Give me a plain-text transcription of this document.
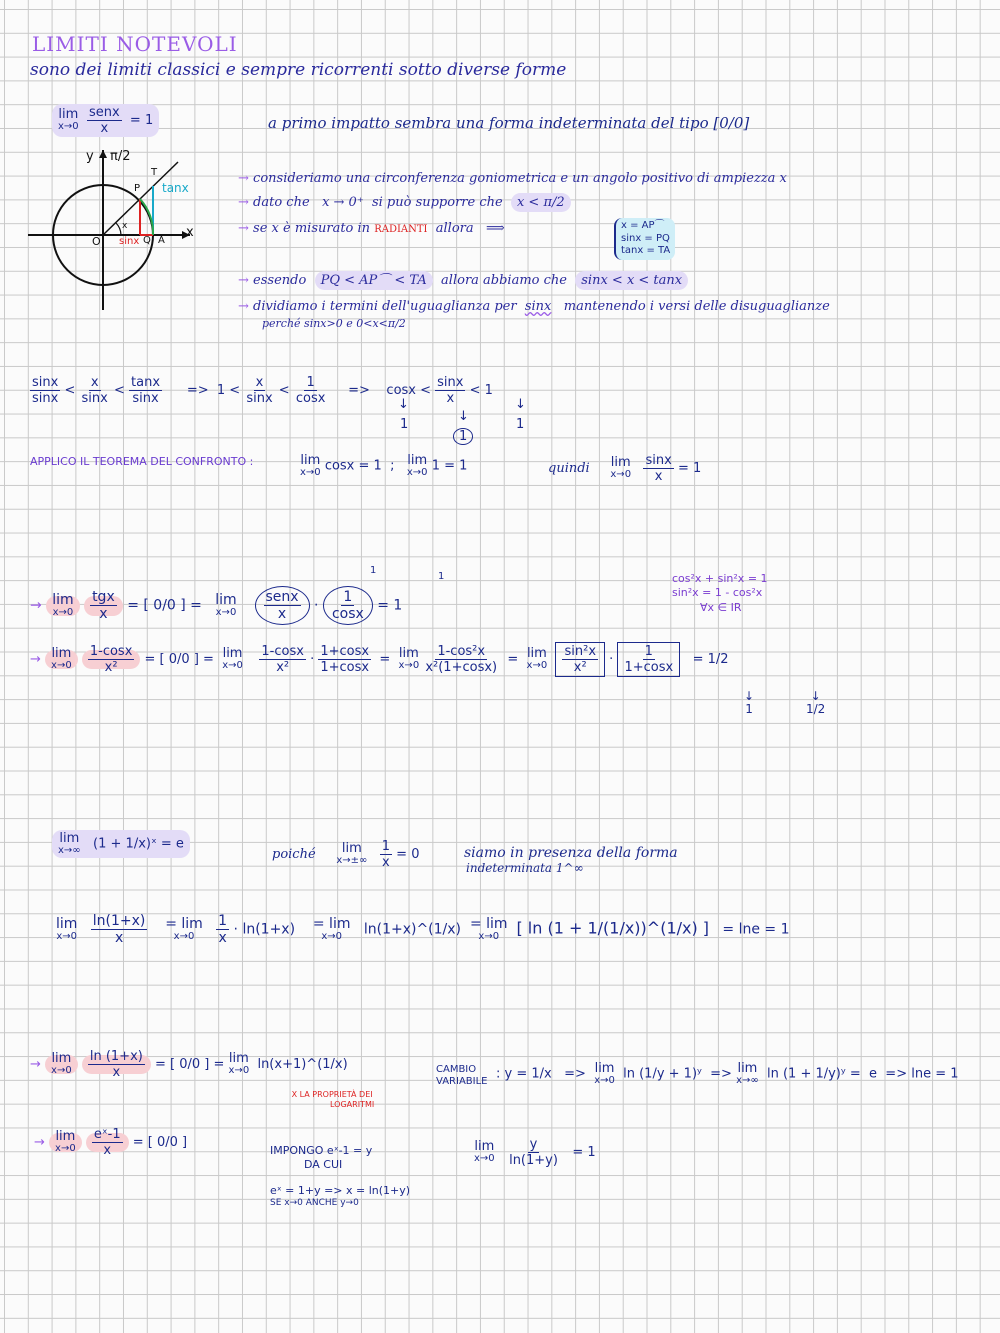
LIMITI NOTEVOLI
sono dei limiti classici e sempre ricorrenti sotto diverse forme
lim
x→0
$\frac{\text{senx}}{x} = 1$	a primo impatto sembra una forma indeterminata del tipo [0/0]
y π/2
x
O	A
Q
P
T
x
tanx
sinx
→ consideriamo una circonferenza goniometrica e un angolo positivo di ampiezza x
→ dato che x → 0⁺ si può supporre che x < π/2
→ se x è misurato in RADIANTI allora   ⟹	x = AP⌒
sinx = PQ
tanx = TA
→ essendo PQ < AP⌒ < TA allora abbiamo che sinx < x < tanx
→ dividiamo i termini dell'uguaglianza per sinx mantenendo i versi delle disuguaglianze
perché sinx>0 e 0<x<π/2
$\frac{\sin x}{\sin x} < \frac{x}{\sin x} < \frac{\tan x}{\sin x} => 1 < \frac{x}{\sin x} < \frac{1}{\cos x} => \cos x < \frac{\sin x}{x} < 1$
↓
↓
↓
1
1
1
APPLICO IL TEOREMA DEL CONFRONTO :	lim
x→0 cosx = 1 ; lim
x→0 1 = 1	quindi lim
x→0
$\frac{\sin x}{x} = 1$
→ lim
x→0
$\frac{\text{tgx}}{x}$ = [ 0/0 ] = lim
x→0
$\frac{\text{senx}}{x} \cdot \frac{1}{\cos x} = 1$
1
1	cos²x + sin²x = 1
sin²x = 1 - cos²x
∀x ∈ IR
→ lim
x→0
$\frac{1-\cos x}{\text{x²}}$ = [ 0/0 ] = lim
x→0
$\frac{1-\cos x}{\text{x²}} \cdot \frac{1+\cos x}{1+\cos x} = \lim$
x→0
$\frac{\text{1-cos²x}}{\text{x²(1+cosx)}} = \lim$
x→0
$\frac{\text{sin²x}}{\text{x²}} \cdot \frac{1}{1+\cos x} = 1/2$
↓
1
↓
1/2
lim
x→∞ (1 + 1/x)ˣ = e
poiché lim
x→±∞
$\frac{1}{x} = 0$	siamo in presenza della forma
indeterminata 1^∞
lim
x→0
$\frac{\ln(1+x)}{x}$
= lim
x→0
$\frac{1}{x} \cdot \ln(1+x) = \lim$
x→0 ln(1+x)^(1/x) = lim
x→0 [ ln (1 + 1/(1/x))^(1/x) ] = lne = 1
→ lim
x→0
$\frac{\ln (1+x)}{x}$ = [ 0/0 ] = lim
x→0 ln(x+1)^(1/x)
X LA PROPRIETÀ DEI
LOGARITMI
CAMBIO
VARIABILE : y = 1/x => lim
x→0 ln (1/y + 1)ʸ => lim
x→∞ ln (1 + 1/y)ʸ = e => lne = 1
→ lim
x→0
$\frac{\text{eˣ-1}}{x}$ = [ 0/0 ]
IMPONGO eˣ-1 = y
DA CUI
eˣ = 1+y => x = ln(1+y)
SE x→0 ANCHE y→0
lim
x→0
$\frac{y}{\ln(1+y)} = 1$
